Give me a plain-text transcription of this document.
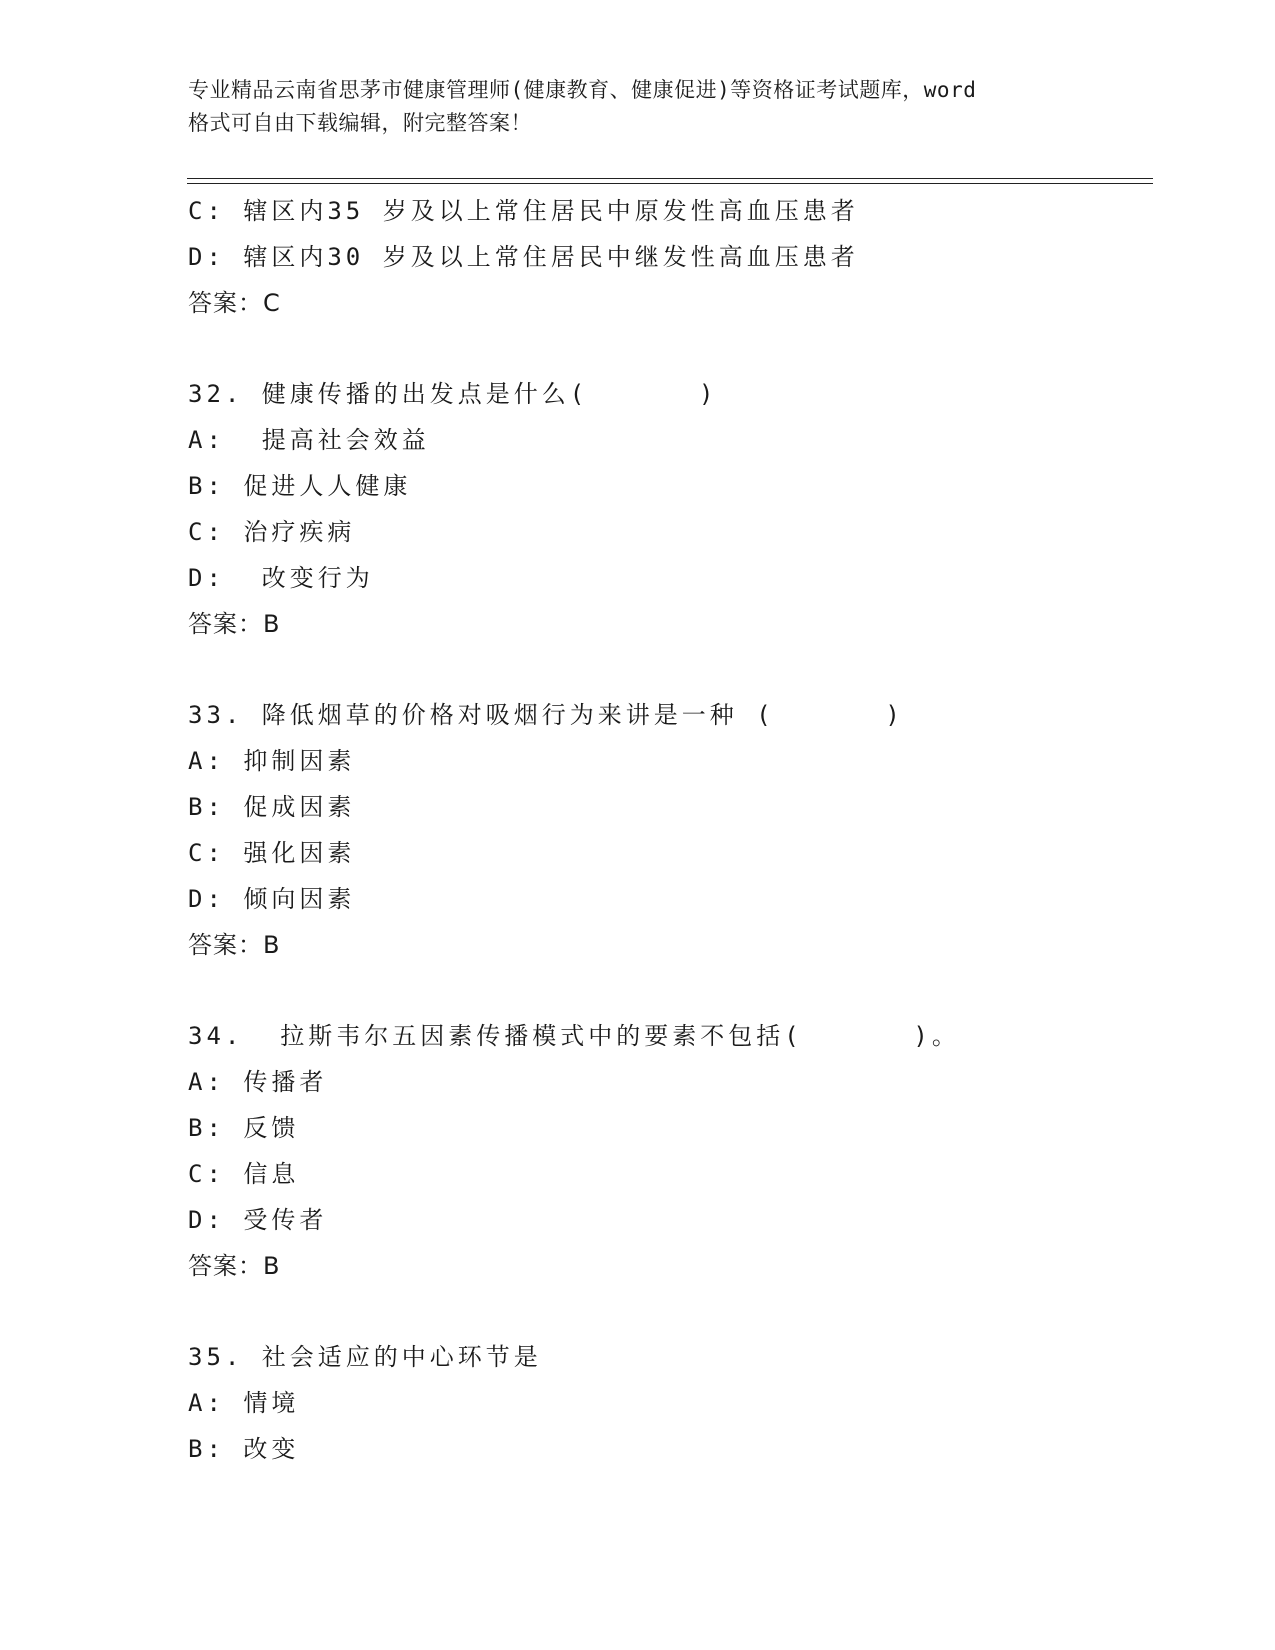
专业精品云南省思茅市健康管理师(健康教育、健康促进)等资格证考试题库，word
格式可自由下载编辑，附完整答案！
C: 辖区内35 岁及以上常住居民中原发性高血压患者
D: 辖区内30 岁及以上常住居民中继发性高血压患者
答案：C
32. 健康传播的出发点是什么(      )
A:  提高社会效益
B: 促进人人健康
C: 治疗疾病
D:  改变行为
答案：B
33. 降低烟草的价格对吸烟行为来讲是一种 (      )
A: 抑制因素
B: 促成因素
C: 强化因素
D: 倾向因素
答案：B
34.  拉斯韦尔五因素传播模式中的要素不包括(      )。
A: 传播者
B: 反馈
C: 信息
D: 受传者
答案：B
35. 社会适应的中心环节是
A: 情境
B: 改变
